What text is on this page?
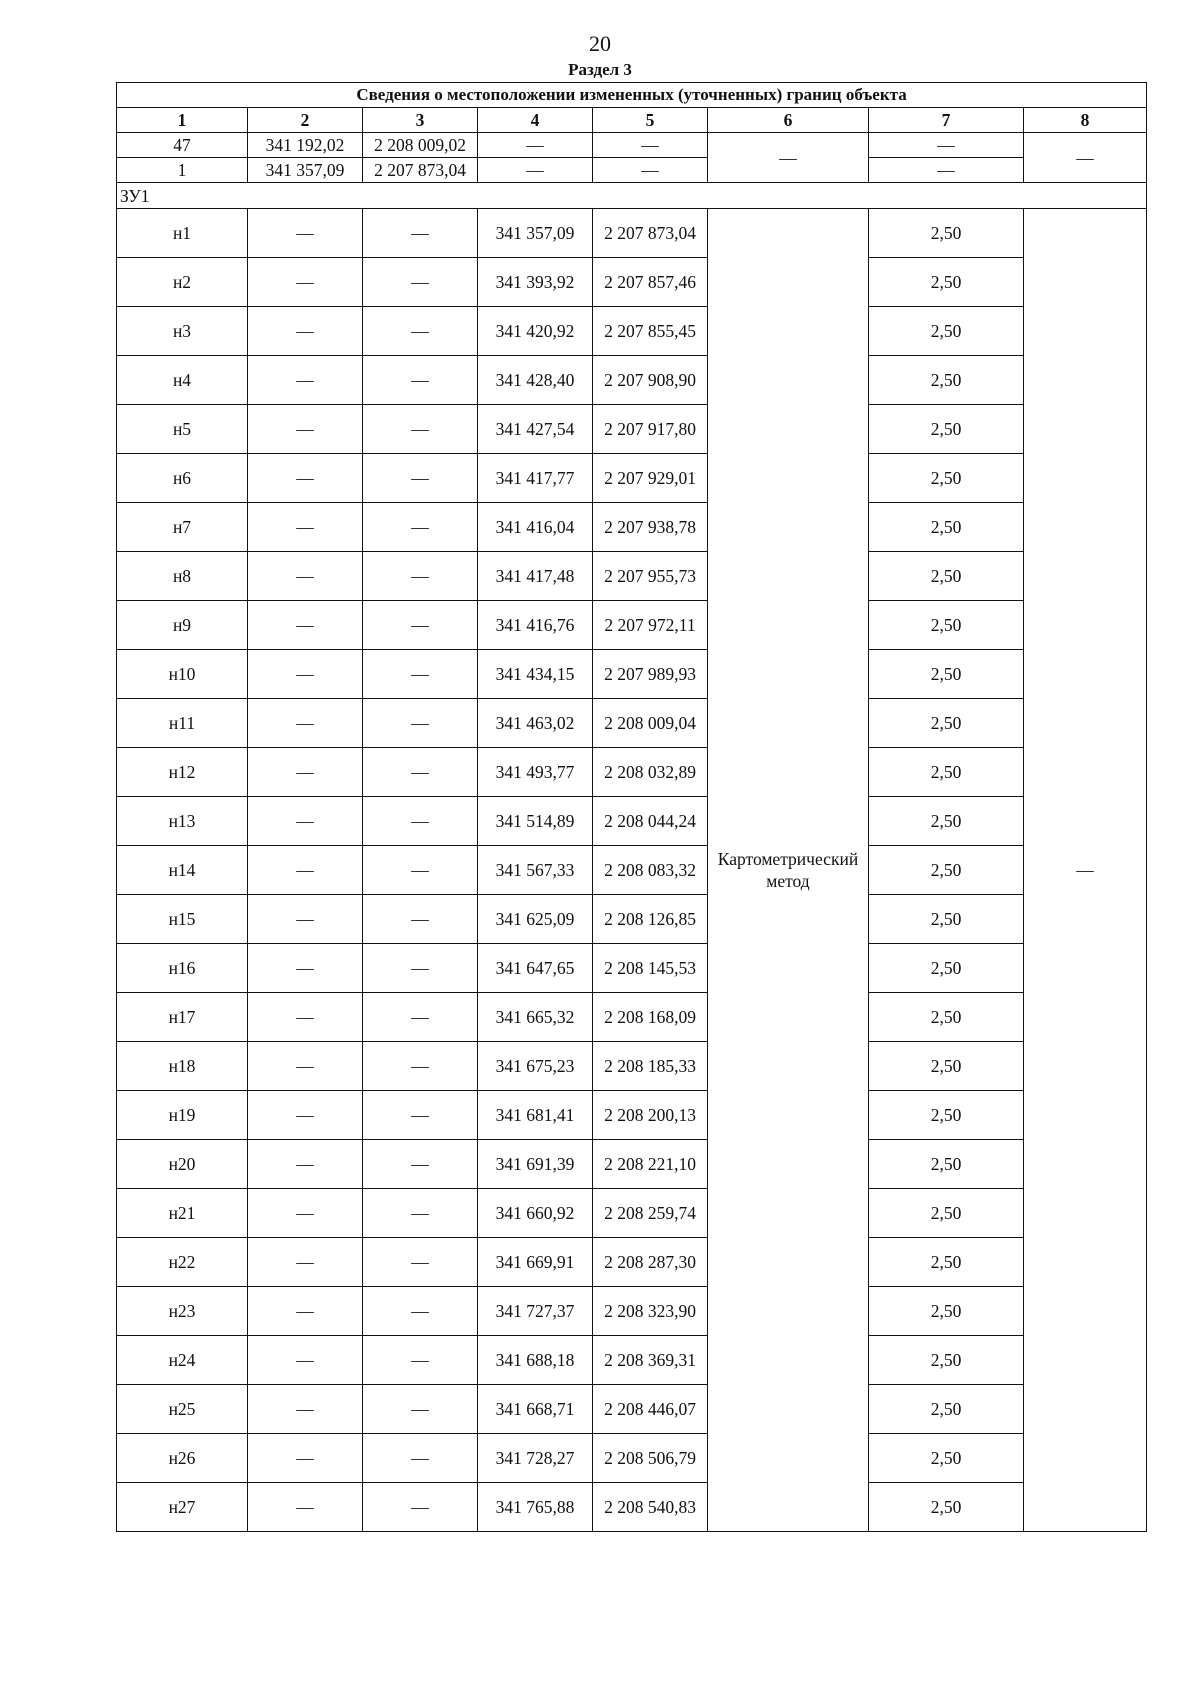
20
Раздел 3
Сведения о местоположении измененных (уточненных) границ объекта							
1	2	3	4	5	6	7	8
47	341 192,02	2 208 009,02	—	—	—	—	—
1	341 357,09	2 207 873,04	—	—		—	
ЗУ1							
н1	—	—	341 357,09	2 207 873,04	Картометрический метод	2,50	—
н2	—	—	341 393,92	2 207 857,46		2,50	
н3	—	—	341 420,92	2 207 855,45		2,50	
н4	—	—	341 428,40	2 207 908,90		2,50	
н5	—	—	341 427,54	2 207 917,80		2,50	
н6	—	—	341 417,77	2 207 929,01		2,50	
н7	—	—	341 416,04	2 207 938,78		2,50	
н8	—	—	341 417,48	2 207 955,73		2,50	
н9	—	—	341 416,76	2 207 972,11		2,50	
н10	—	—	341 434,15	2 207 989,93		2,50	
н11	—	—	341 463,02	2 208 009,04		2,50	
н12	—	—	341 493,77	2 208 032,89		2,50	
н13	—	—	341 514,89	2 208 044,24		2,50	
н14	—	—	341 567,33	2 208 083,32		2,50	
н15	—	—	341 625,09	2 208 126,85		2,50	
н16	—	—	341 647,65	2 208 145,53		2,50	
н17	—	—	341 665,32	2 208 168,09		2,50	
н18	—	—	341 675,23	2 208 185,33		2,50	
н19	—	—	341 681,41	2 208 200,13		2,50	
н20	—	—	341 691,39	2 208 221,10		2,50	
н21	—	—	341 660,92	2 208 259,74		2,50	
н22	—	—	341 669,91	2 208 287,30		2,50	
н23	—	—	341 727,37	2 208 323,90		2,50	
н24	—	—	341 688,18	2 208 369,31		2,50	
н25	—	—	341 668,71	2 208 446,07		2,50	
н26	—	—	341 728,27	2 208 506,79		2,50	
н27	—	—	341 765,88	2 208 540,83		2,50	
